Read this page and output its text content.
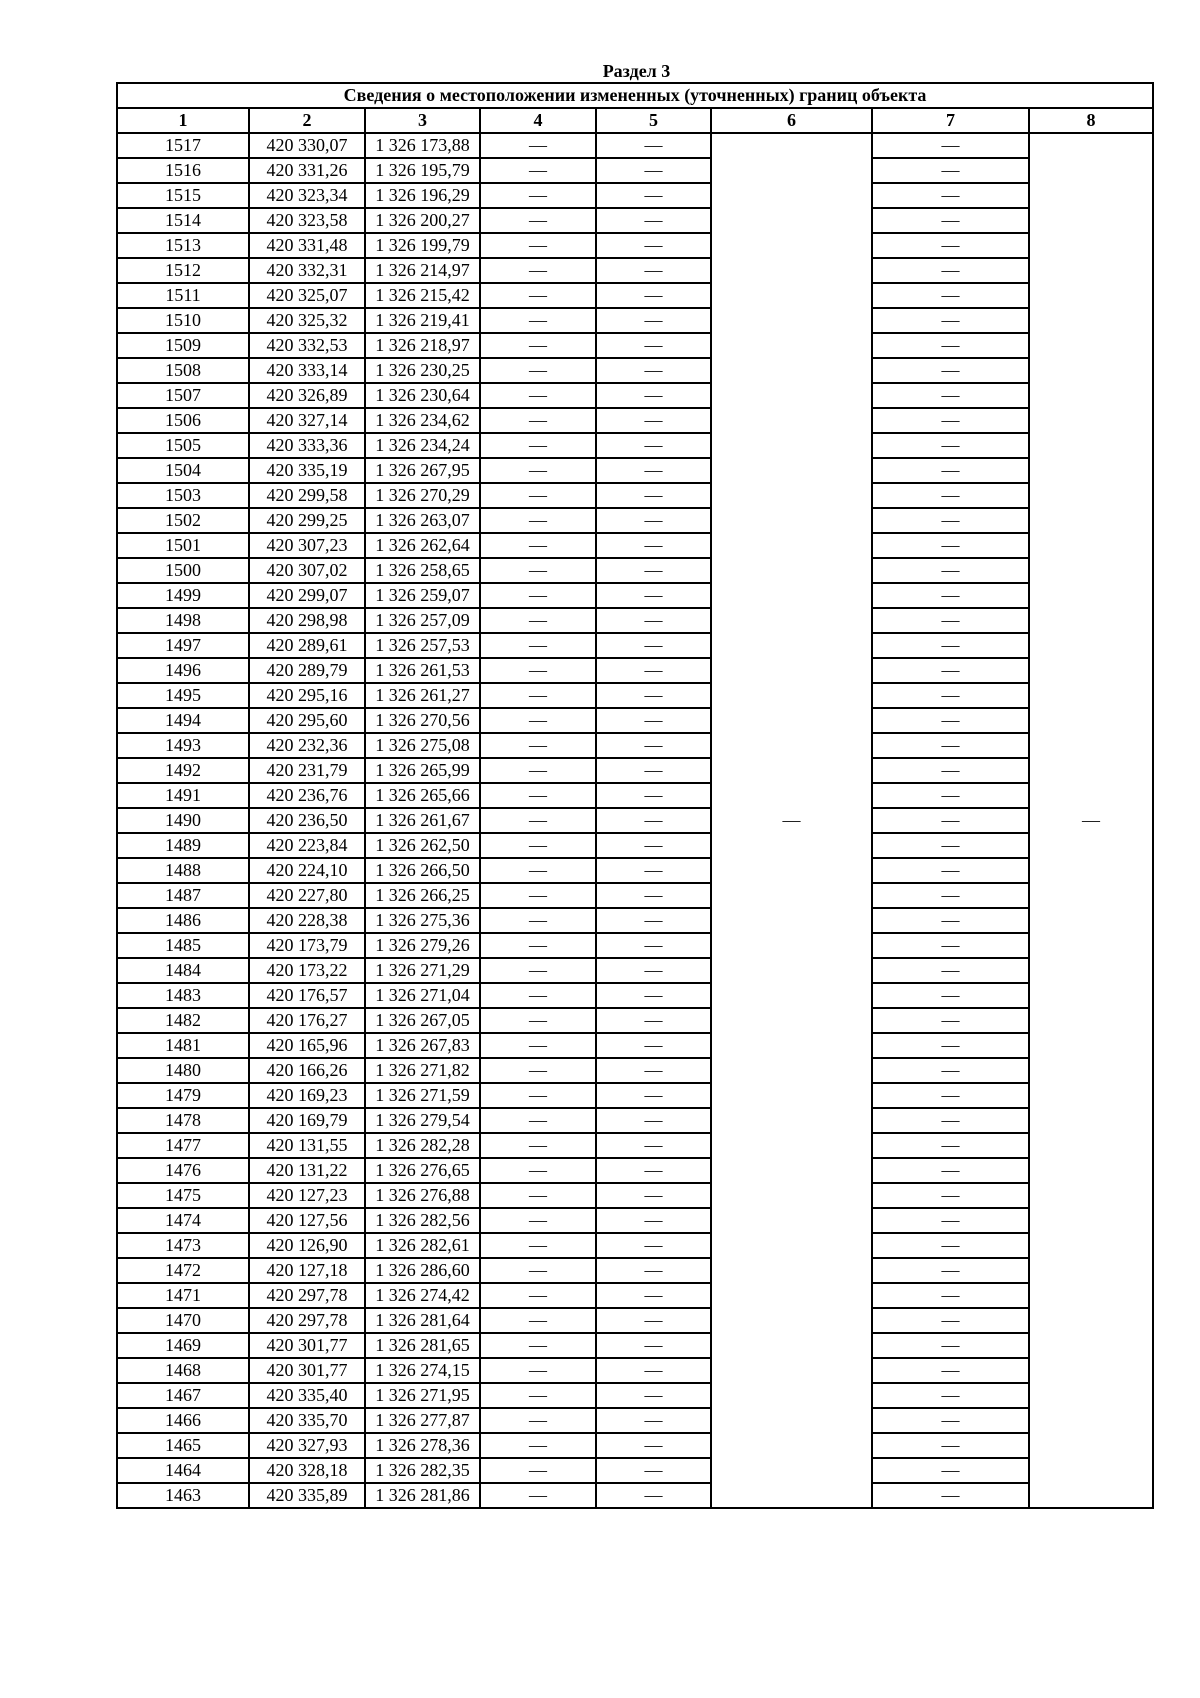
Раздел 3
Сведения о местоположении измененных (уточненных) границ объекта							
1	2	3	4	5	6	7	8
1517	420 330,07	1 326 173,88	—	—	—	—	—
1516	420 331,26	1 326 195,79	—	—		—	
1515	420 323,34	1 326 196,29	—	—		—	
1514	420 323,58	1 326 200,27	—	—		—	
1513	420 331,48	1 326 199,79	—	—		—	
1512	420 332,31	1 326 214,97	—	—		—	
1511	420 325,07	1 326 215,42	—	—		—	
1510	420 325,32	1 326 219,41	—	—		—	
1509	420 332,53	1 326 218,97	—	—		—	
1508	420 333,14	1 326 230,25	—	—		—	
1507	420 326,89	1 326 230,64	—	—		—	
1506	420 327,14	1 326 234,62	—	—		—	
1505	420 333,36	1 326 234,24	—	—		—	
1504	420 335,19	1 326 267,95	—	—		—	
1503	420 299,58	1 326 270,29	—	—		—	
1502	420 299,25	1 326 263,07	—	—		—	
1501	420 307,23	1 326 262,64	—	—		—	
1500	420 307,02	1 326 258,65	—	—		—	
1499	420 299,07	1 326 259,07	—	—		—	
1498	420 298,98	1 326 257,09	—	—		—	
1497	420 289,61	1 326 257,53	—	—		—	
1496	420 289,79	1 326 261,53	—	—		—	
1495	420 295,16	1 326 261,27	—	—		—	
1494	420 295,60	1 326 270,56	—	—		—	
1493	420 232,36	1 326 275,08	—	—		—	
1492	420 231,79	1 326 265,99	—	—		—	
1491	420 236,76	1 326 265,66	—	—		—	
1490	420 236,50	1 326 261,67	—	—		—	
1489	420 223,84	1 326 262,50	—	—		—	
1488	420 224,10	1 326 266,50	—	—		—	
1487	420 227,80	1 326 266,25	—	—		—	
1486	420 228,38	1 326 275,36	—	—		—	
1485	420 173,79	1 326 279,26	—	—		—	
1484	420 173,22	1 326 271,29	—	—		—	
1483	420 176,57	1 326 271,04	—	—		—	
1482	420 176,27	1 326 267,05	—	—		—	
1481	420 165,96	1 326 267,83	—	—		—	
1480	420 166,26	1 326 271,82	—	—		—	
1479	420 169,23	1 326 271,59	—	—		—	
1478	420 169,79	1 326 279,54	—	—		—	
1477	420 131,55	1 326 282,28	—	—		—	
1476	420 131,22	1 326 276,65	—	—		—	
1475	420 127,23	1 326 276,88	—	—		—	
1474	420 127,56	1 326 282,56	—	—		—	
1473	420 126,90	1 326 282,61	—	—		—	
1472	420 127,18	1 326 286,60	—	—		—	
1471	420 297,78	1 326 274,42	—	—		—	
1470	420 297,78	1 326 281,64	—	—		—	
1469	420 301,77	1 326 281,65	—	—		—	
1468	420 301,77	1 326 274,15	—	—		—	
1467	420 335,40	1 326 271,95	—	—		—	
1466	420 335,70	1 326 277,87	—	—		—	
1465	420 327,93	1 326 278,36	—	—		—	
1464	420 328,18	1 326 282,35	—	—		—	
1463	420 335,89	1 326 281,86	—	—		—	
